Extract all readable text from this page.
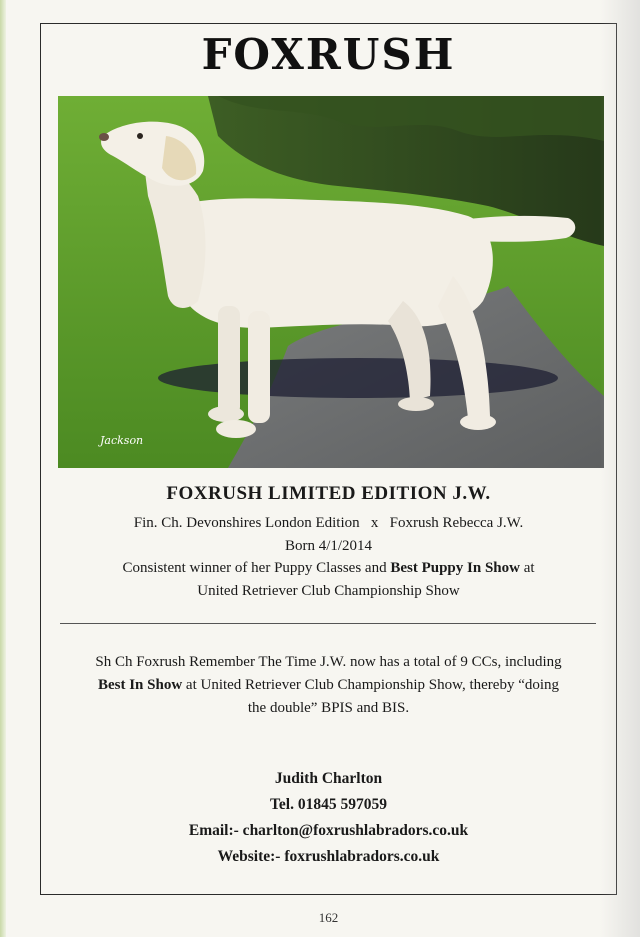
FOXRUSH
Jackson
FOXRUSH LIMITED EDITION J.W.
Fin. Ch. Devonshires London Edition x Foxrush Rebecca J.W.
Born 4/1/2014
Consistent winner of her Puppy Classes and Best Puppy In Show at
United Retriever Club Championship Show
Sh Ch Foxrush Remember The Time J.W. now has a total of 9 CCs, including
Best In Show at United Retriever Club Championship Show, thereby “doing
the double” BPIS and BIS.
Judith Charlton
Tel. 01845 597059
Email:- charlton@foxrushlabradors.co.uk
Website:- foxrushlabradors.co.uk
162
